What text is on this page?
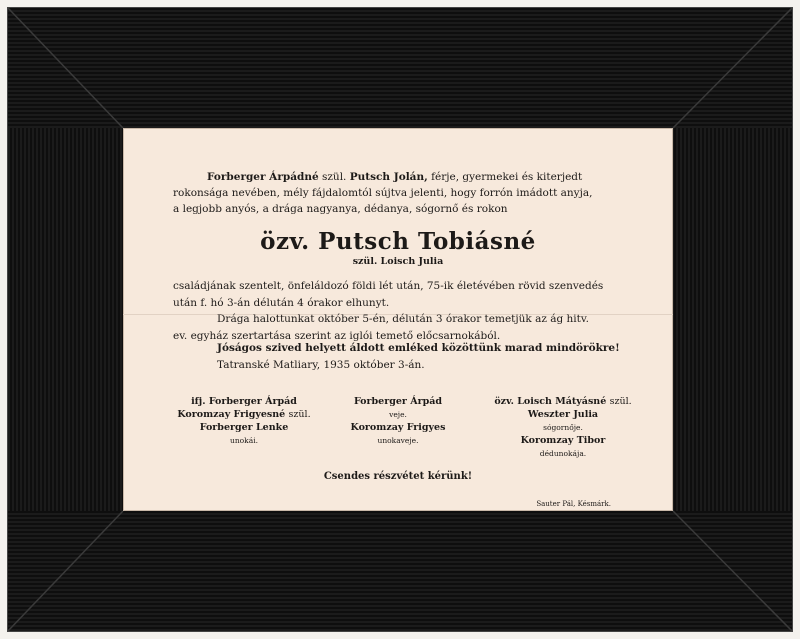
Forberger Árpádné szül. Putsch Jolán, férje, gyermekei és kiterjedt
rokonsága nevében, mély fájdalomtól sújtva jelenti, hogy forrón imádott anyja,
a legjobb anyós, a drága nagyanya, dédanya, sógornő és rokon
özv. Putsch Tobiásné
szül. Loisch Julia
családjának szentelt, önfeláldozó földi lét után, 75-ik életévében rövid szenvedés
után f. hó 3-án délután 4 órakor elhunyt.
Drága halottunkat október 5-én, délután 3 órakor temetjük az ág hitv.
ev. egyház szertartása szerint az iglói temető előcsarnokából.
Jóságos szived helyett áldott emléked közöttünk marad mindörökre!
Tatranské Matliary, 1935 október 3-án.
ifj. Forberger Árpád
Koromzay Frigyesné szül.
Forberger Lenke
unokái.
Forberger Árpád
veje.
Koromzay Frigyes
unokaveje.
özv. Loisch Mátyásné szül.
Weszter Julia
sógornője.
Koromzay Tibor
dédunokája.
Csendes részvétet kérünk!
Sauter Pál, Késmárk.
